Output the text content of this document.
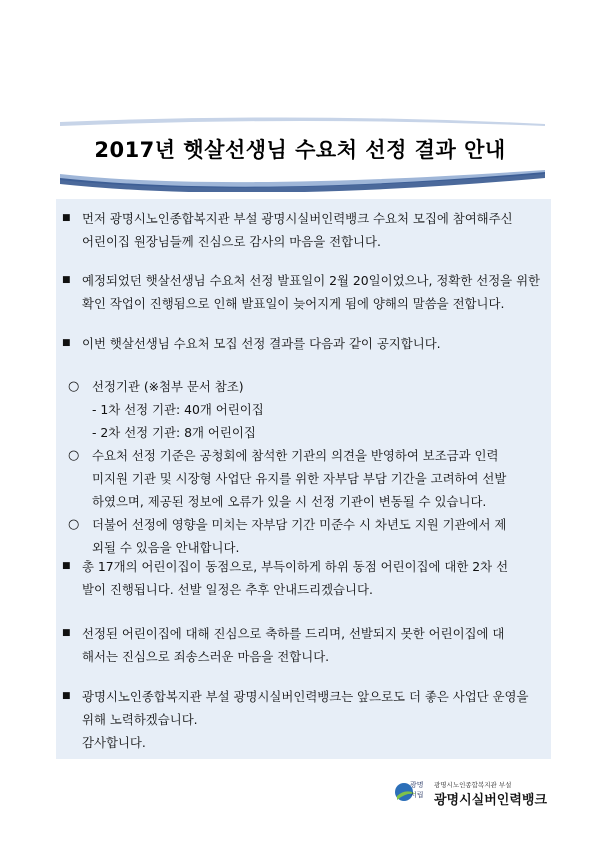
2017년 햇살선생님 수요처 선정 결과 안내
■ 먼저 광명시노인종합복지관 부설 광명시실버인력뱅크 수요처 모집에 참여해주신
어린이집 원장님들께 진심으로 감사의 마음을 전합니다.
■ 예정되었던 햇살선생님 수요처 선정 발표일이 2월 20일이었으나, 정확한 선정을 위한
확인 작업이 진행됨으로 인해 발표일이 늦어지게 됨에 양해의 말씀을 전합니다.
■ 이번 햇살선생님 수요처 모집 선정 결과를 다음과 같이 공지합니다.
○ 선정기관 (※첨부 문서 참조)
- 1차 선정 기관: 40개 어린이집
- 2차 선정 기관: 8개 어린이집
○ 수요처 선정 기준은 공청회에 참석한 기관의 의견을 반영하여 보조금과 인력
미지원 기관 및 시장형 사업단 유지를 위한 자부담 부담 기간을 고려하여 선발
하였으며, 제공된 정보에 오류가 있을 시 선정 기관이 변동될 수 있습니다.
○ 더불어 선정에 영향을 미치는 자부담 기간 미준수 시 차년도 지원 기관에서 제
외될 수 있음을 안내합니다.
■ 총 17개의 어린이집이 동점으로, 부득이하게 하위 동점 어린이집에 대한 2차 선
발이 진행됩니다. 선발 일정은 추후 안내드리겠습니다.
■ 선정된 어린이집에 대해 진심으로 축하를 드리며, 선발되지 못한 어린이집에 대
해서는 진심으로 죄송스러운 마음을 전합니다.
■ 광명시노인종합복지관 부설 광명시실버인력뱅크는 앞으로도 더 좋은 사업단 운영을
위해 노력하겠습니다.
감사합니다.
광명
시립
광명시노인종합복지관 부설
광명시실버인력뱅크
